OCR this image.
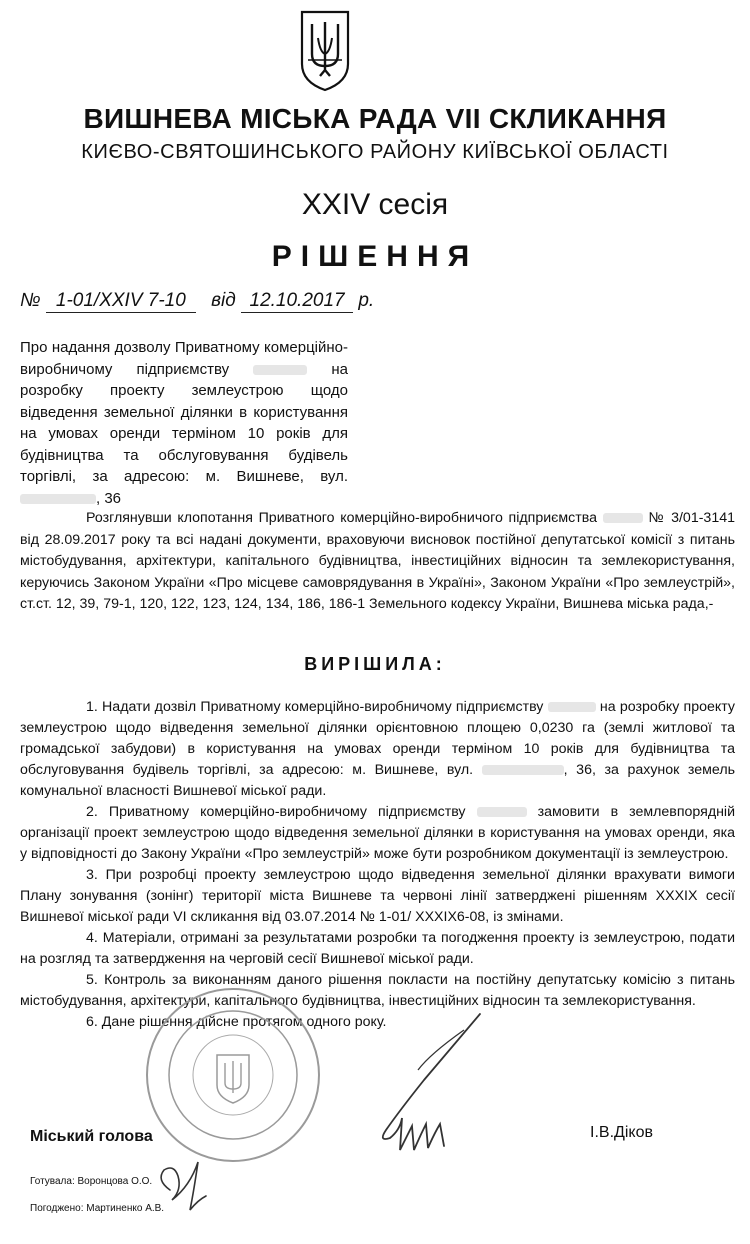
ВИШНЕВА МІСЬКА РАДА VII СКЛИКАННЯ
КИЄВО-СВЯТОШИНСЬКОГО РАЙОНУ КИЇВСЬКОЇ ОБЛАСТІ
XXIV сесія
РІШЕННЯ
№ 1-01/XXIV 7-10 від 12.10.2017 р.
Про надання дозволу Приватному комерційно-виробничому підприємству	на розробку проекту землеустрою щодо відведення земельної ділянки в користування на умовах оренди терміном 10 років для будівництва та обслуговування будівель торгівлі, за адресою: м. Вишневе, вул. , 36
Розглянувши клопотання Приватного комерційно-виробничого підприємства	№ 3/01-3141 від 28.09.2017 року та всі надані документи, враховуючи висновок постійної депутатської комісії з питань містобудування, архітектури, капітального будівництва, інвестиційних відносин та землекористування, керуючись Законом України «Про місцеве самоврядування в Україні», Законом України «Про землеустрій», ст.ст. 12, 39, 79-1, 120, 122, 123, 124, 134, 186, 186-1 Земельного кодексу України, Вишнева міська рада,-
ВИРІШИЛА:

1. Надати дозвіл Приватному комерційно-виробничому підприємству	на розробку проекту землеустрою щодо відведення земельної ділянки орієнтовною площею 0,0230 га (землі житлової та громадської забудови) в користування на умовах оренди терміном 10 років для будівництва та обслуговування будівель торгівлі, за адресою: м. Вишневе, вул.	, 36, за рахунок земель комунальної власності Вишневої міської ради.

2. Приватному комерційно-виробничому підприємству	замовити в землевпорядній організації проект землеустрою щодо відведення земельної ділянки в користування на умовах оренди, яка у відповідності до Закону України «Про землеустрій» може бути розробником документації із землеустрою.

3. При розробці проекту землеустрою щодо відведення земельної ділянки врахувати вимоги Плану зонування (зонінг) території міста Вишневе та червоні лінії затверджені рішенням XXXIX сесії Вишневої міської ради VI скликання від 03.07.2014 № 1-01/ XXXIX6-08, із змінами.

4. Матеріали, отримані за результатами розробки та погодження проекту із землеустрою, подати на розгляд та затвердження на черговій сесії Вишневої міської ради.

5. Контроль за виконанням даного рішення покласти на постійну депутатську комісію з питань містобудування, архітектури, капітального будівництва, інвестиційних відносин та землекористування.

6. Дане рішення дійсне протягом одного року.

Міський голова	І.В.Діков
Готувала: Воронцова О.О.
Погоджено: Мартиненко А.В.
